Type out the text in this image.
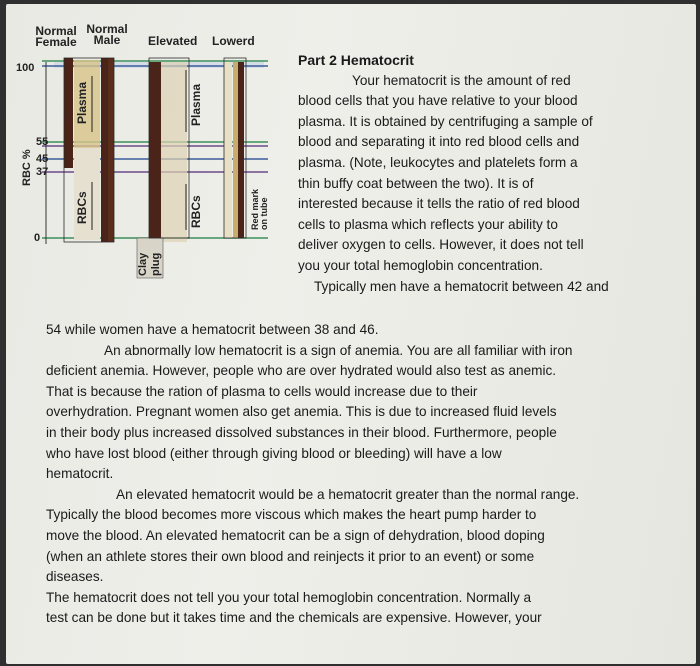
Plasma
RBCs
Plasma
RBCs
Clay plug
Red mark on tube
RBC %
Normal
Female
Normal
Male	Elevated Lowerd
100
55
45
37
0
Part 2 Hematocrit
Your hematocrit is the amount of red
blood cells that you have relative to your blood
plasma. It is obtained by centrifuging a sample of
blood and separating it into red blood cells and
plasma. (Note, leukocytes and platelets form a
thin buffy coat between the two). It is of
interested because it tells the ratio of red blood
cells to plasma which reflects your ability to
deliver oxygen to cells. However, it does not tell
you your total hemoglobin concentration.
Typically men have a hematocrit between 42 and
54 while women have a hematocrit between 38 and 46.
An abnormally low hematocrit is a sign of anemia. You are all familiar with iron
deficient anemia. However, people who are over hydrated would also test as anemic.
That is because the ration of plasma to cells would increase due to their
overhydration. Pregnant women also get anemia. This is due to increased fluid levels
in their body plus increased dissolved substances in their blood. Furthermore, people
who have lost blood (either through giving blood or bleeding) will have a low
hematocrit.
An elevated hematocrit would be a hematocrit greater than the normal range.
Typically the blood becomes more viscous which makes the heart pump harder to
move the blood. An elevated hematocrit can be a sign of dehydration, blood doping
(when an athlete stores their own blood and reinjects it prior to an event) or some
diseases.
The hematocrit does not tell you your total hemoglobin concentration. Normally a
test can be done but it takes time and the chemicals are expensive. However, your
